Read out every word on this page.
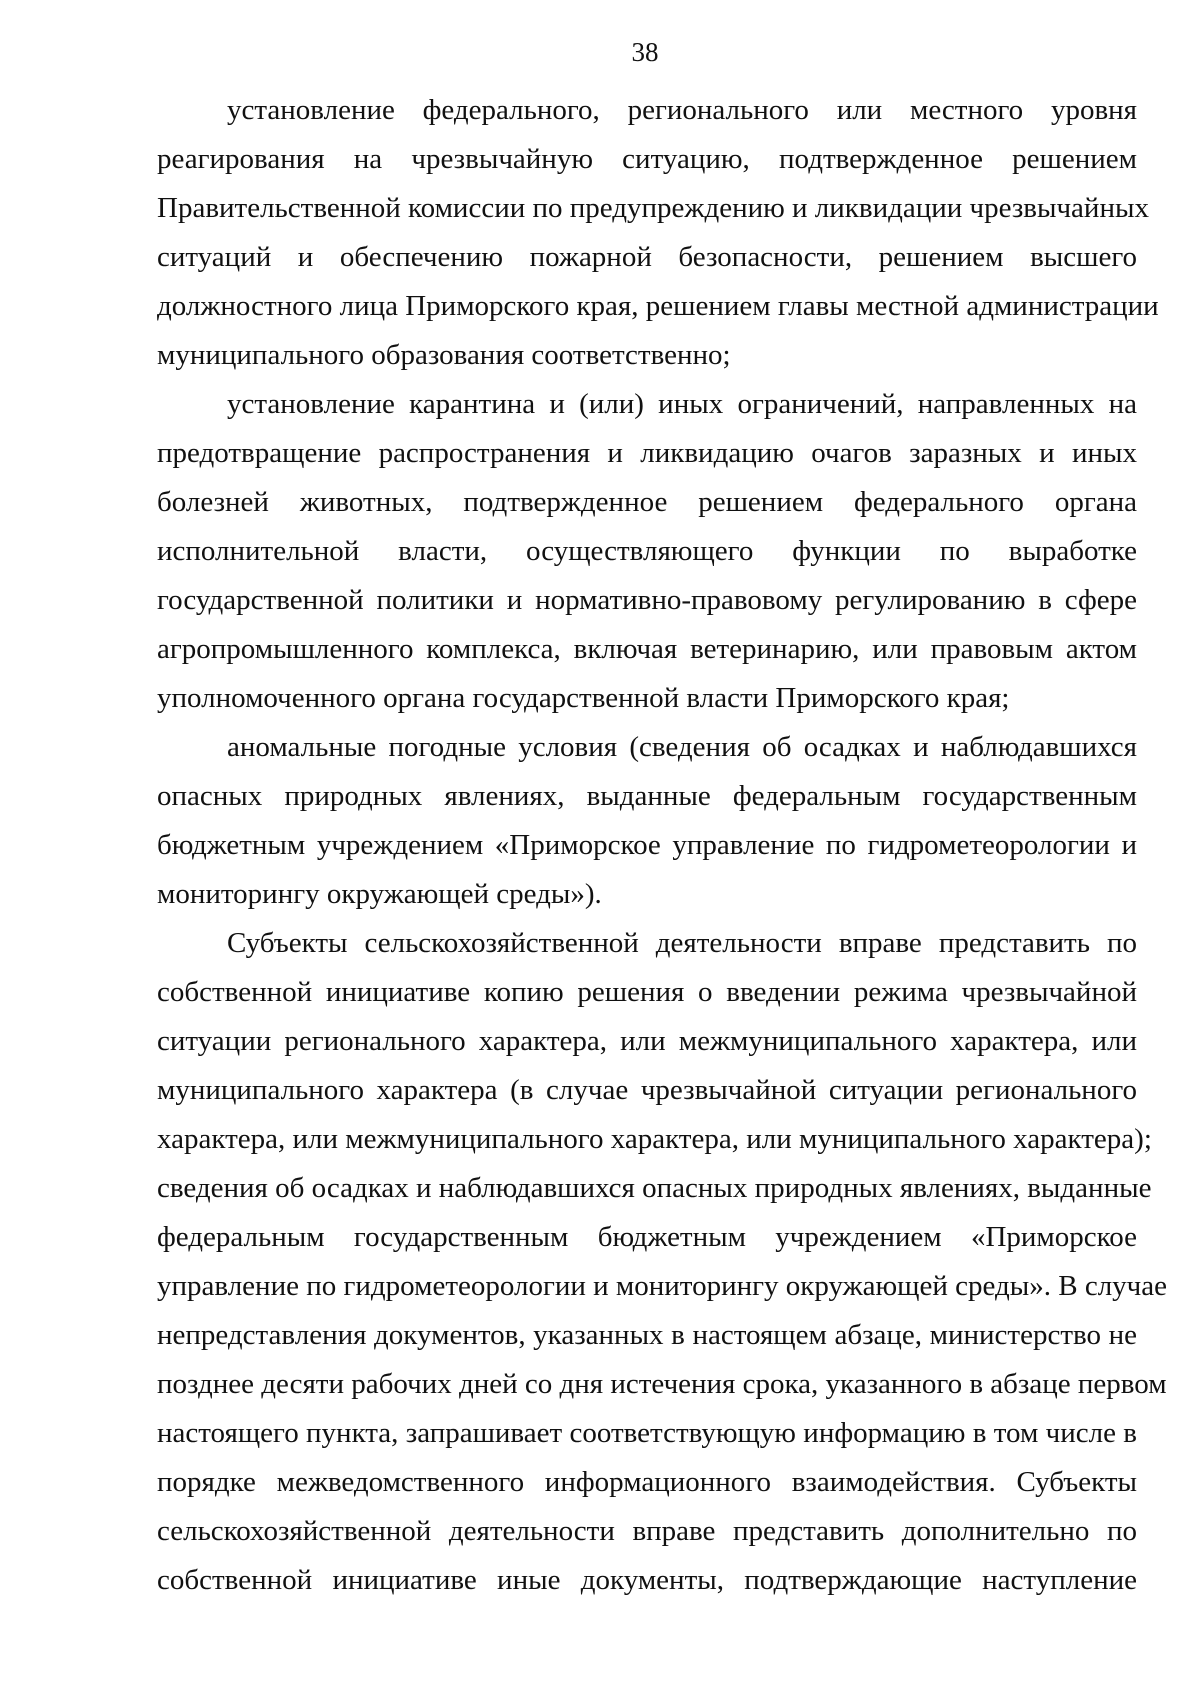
38

установление федерального, регионального или местного уровня
реагирования на чрезвычайную ситуацию, подтвержденное решением
Правительственной комиссии по предупреждению и ликвидации чрезвычайных
ситуаций и обеспечению пожарной безопасности, решением высшего
должностного лица Приморского края, решением главы местной администрации
муниципального образования соответственно;

установление карантина и (или) иных ограничений, направленных на
предотвращение распространения и ликвидацию очагов заразных и иных
болезней животных, подтвержденное решением федерального органа
исполнительной власти, осуществляющего функции по выработке
государственной политики и нормативно-правовому регулированию в сфере
агропромышленного комплекса, включая ветеринарию, или правовым актом
уполномоченного органа государственной власти Приморского края;

аномальные погодные условия (сведения об осадках и наблюдавшихся
опасных природных явлениях, выданные федеральным государственным
бюджетным учреждением «Приморское управление по гидрометеорологии и
мониторингу окружающей среды»).

Субъекты сельскохозяйственной деятельности вправе представить по
собственной инициативе копию решения о введении режима чрезвычайной
ситуации регионального характера, или межмуниципального характера, или
муниципального характера (в случае чрезвычайной ситуации регионального
характера, или межмуниципального характера, или муниципального характера);
сведения об осадках и наблюдавшихся опасных природных явлениях, выданные
федеральным государственным бюджетным учреждением «Приморское
управление по гидрометеорологии и мониторингу окружающей среды». В случае
непредставления документов, указанных в настоящем абзаце, министерство не
позднее десяти рабочих дней со дня истечения срока, указанного в абзаце первом
настоящего пункта, запрашивает соответствующую информацию в том числе в
порядке межведомственного информационного взаимодействия. Субъекты
сельскохозяйственной деятельности вправе представить дополнительно по
собственной инициативе иные документы, подтверждающие наступление
